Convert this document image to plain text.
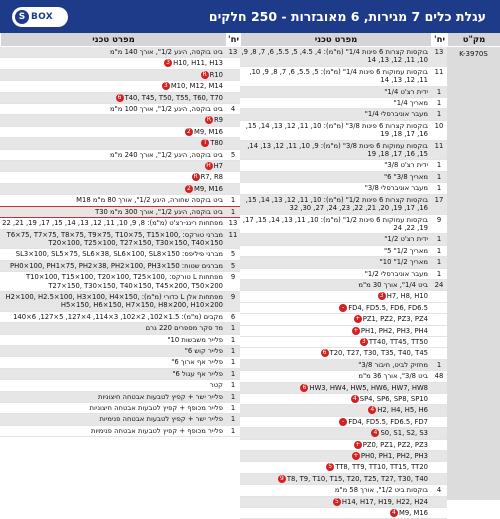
עגלת כלים 7 מגירות, 6 מאובזרות - 250 חלקים
S BOX
מק"ט
יח'
מפרט טכני
יח'
מפרט טכני
K-3970S
13
בוקסות קצרות 6 פינות 1/4" (מ"מ): 4, 4.5, 5, 5.5, 6, 7, 8, 9, 10, 11, 12, 13, 14
11
בוקסות עמוקות 6 פינות 1/4" (מ"מ): 5, 5.5, 6, 7, 8, 9, 10, 11, 12, 13, 14
1
ידית רצ'ט 1/4"
1
מאריך 1/4"
1
מעבר אוניברסלי 1/4"
10
בוקסות קצרות 6 פינות 3/8" (מ"מ): 10, 11, 12, 13, 14, 15, 16, 17, 18, 19
11
בוקסות עמוקות 6 פינות 3/8" (מ"מ): 9, 10, 11, 12, 13, 14, 15, 16, 17, 18, 19
1
ידית רצ'ט 3/8"
1
מאריך 3/8" 6"
1
מעבר אוניברסלי 3/8"
17
בוקסות קצרות 6 פינות 1/2" (מ"מ): 10, 11, 12, 13, 14, 15, 16, 17, 19, 20, 21, 22, 23, 24, 27, 30, 32
9
בוקסות עמוקות 6 פינות 1/2" (מ"מ): 10, 11, 13, 14, 15, 17, 19, 22, 24
1
ידית רצ'ט 1/2"
1
מאריך 1/2" 5"
1
מאריך 1/2" 10"
1
מעבר אוניברסלי 1/2"
24
ביט 1/4", אורך 30 מ"מ
H7, H8, H103
FD4, FD5.5, FD6, FD6.5-
PZ1, PZ2, PZ3, PZ4+
PH1, PH2, PH3, PH4+
TT40, TT45, TT503
T20, T27, T30, T35, T40, T456
1
מחזיק לביט, חיבור 3/8"
48
ביט 3/8", אורך 36 מ"מ
HW3, HW4, HW5, HW6, HW7, HW86
SP4, SP6, SP8, SP104
H2, H4, H5, H64
FD4, FD5.5, FD6.5, FD7-
S0, S1, S2, S34
PZ0, PZ1, PZ2, PZ3+
PH0, PH1, PH2, PH3+
TT8, TT9, TT10, TT15, TT205
T8, T9, T10, T15, T20, T25, T27, T30, T409
4
בוקסות ביט 1/2", אורך 58 מ"מ
H14, H17, H19, H22, H245
M9, M164
13
ביט בוקסה, היגע 1/2", אורך 140 מ"מ
H10, H11, H133
R10R
M10, M12, M143
T40, T45, T50, T55, T60, T706
4
ביט בוקסה, היגע 1/2", אורך 100 מ"מ
R9R
M9, M162
T80T
5
ביט בוקסה, היגע 1/2", אורך 240 מ"מ
H7H
R7, R8R
M9, M162
1
ביט בוקסה שחורה, היגע 1/2", אורך 80 מ"מ M18
1
ביט בוקסה, היגע 1/2", אורך 300 מ"מ T30
13
מפתחות רינג-רצ'ט (מ"מ): 8, 9, 10, 11, 12, 13, 14, 15, 17, 19, 21, 22
11
מברגי טורקס: T6×75, T7×75, T8×75, T9×75, T10×75, T15×100, T20×100, T25×100, T27×150, T30×150, T40×150
5
מברגי פיליפס: SL3×100, SL5×75, SL6×38, SL6×100, SL8×150
5
מברגים שטוח: PH0×100, PH1×75, PH2×38, PH2×100, PH3×150
9
מפתחות L טורקס: T10×100, T15×100, T20×100, T25×100, T27×150, T30×150, T40×150, T45×200, T50×200
9
מפתחות אלן L כדורי (מ"מ): H2×100, H2.5×100, H3×100, H4×150, H5×150, H6×150, H7×150, H8×200, H10×200
6
מקבים (מ"מ): 1.5×102, 2×102, 3×114, 4×127, 5×127, 6×140
1
מד סקר מספרים 220 גרם
1
פלייר משבשות 10"
1
פלייר קוש 6"
1
פלייר אף ארוך 6"
1
פלייר אף עגול 6"
1
קטר
1
פלייר ישר + קפיץ לטבעות אבטחה חיצוניות
1
פלייר מכופף + קפיץ לטבעות אבטחה חיצוניות
1
פלייר ישר + קפיץ לטבעות אבטחה פנימיות
1
פלייר מכופף + קפיץ לטבעות אבטחה פנימיות
